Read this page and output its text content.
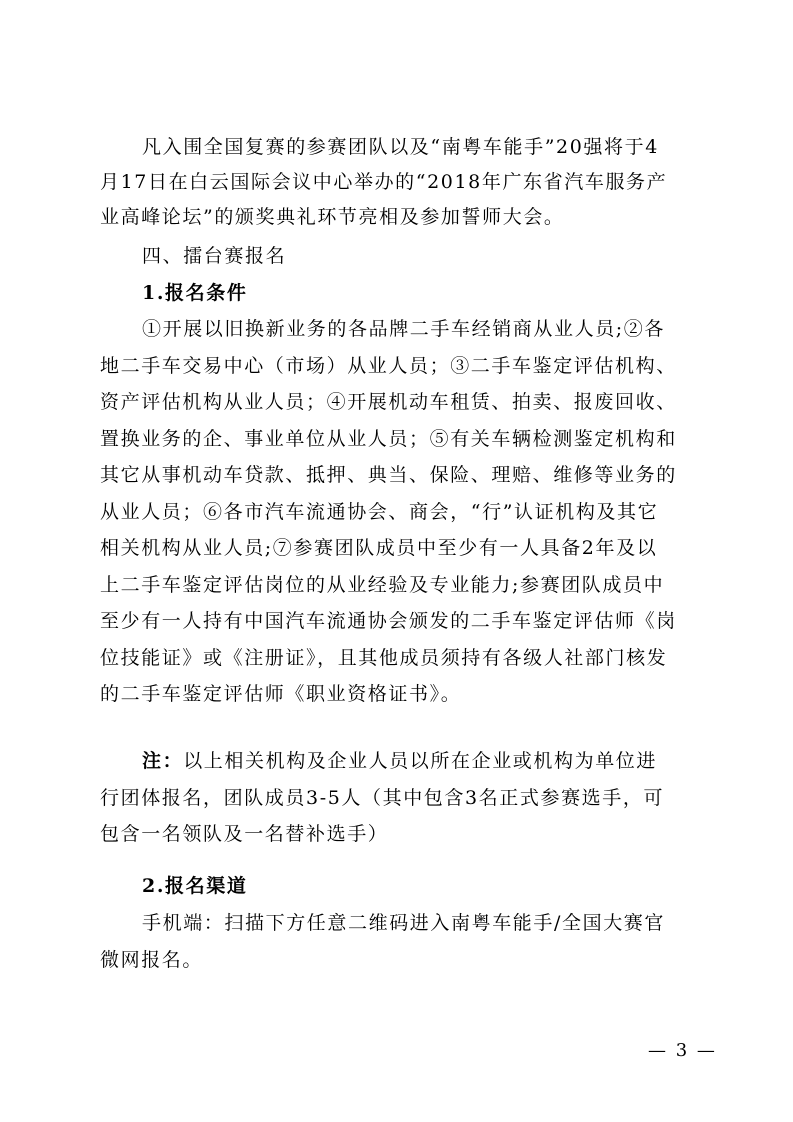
凡入围全国复赛的参赛团队以及“南粤车能手”20强将于4
月17日在白云国际会议中心举办的“2018年广东省汽车服务产
业高峰论坛”的颁奖典礼环节亮相及参加誓师大会。
四、擂台赛报名
1.报名条件
①开展以旧换新业务的各品牌二手车经销商从业人员;②各
地二手车交易中心（市场）从业人员；③二手车鉴定评估机构、
资产评估机构从业人员；④开展机动车租赁、拍卖、报废回收、
置换业务的企、事业单位从业人员；⑤有关车辆检测鉴定机构和
其它从事机动车贷款、抵押、典当、保险、理赔、维修等业务的
从业人员；⑥各市汽车流通协会、商会，“行”认证机构及其它
相关机构从业人员;⑦参赛团队成员中至少有一人具备2年及以
上二手车鉴定评估岗位的从业经验及专业能力;参赛团队成员中
至少有一人持有中国汽车流通协会颁发的二手车鉴定评估师《岗
位技能证》或《注册证》，且其他成员须持有各级人社部门核发
的二手车鉴定评估师《职业资格证书》。
注：以上相关机构及企业人员以所在企业或机构为单位进
行团体报名，团队成员3-5人（其中包含3名正式参赛选手，可
包含一名领队及一名替补选手）
2.报名渠道
手机端：扫描下方任意二维码进入南粤车能手/全国大赛官
微网报名。
— 3 —
